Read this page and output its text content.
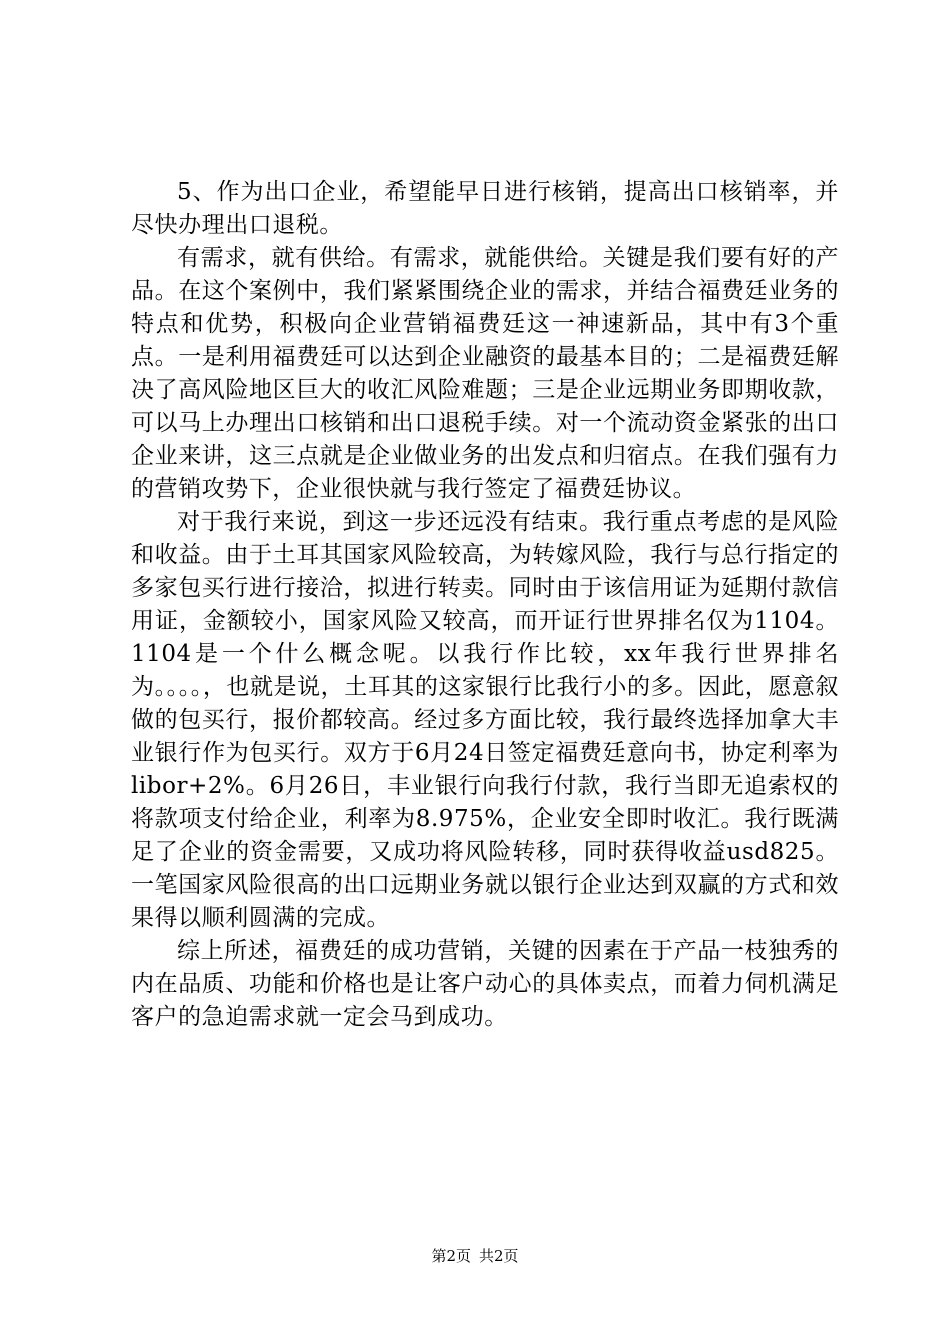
5、作为出口企业，希望能早日进行核销，提高出口核销率，并尽快办理出口退税。

有需求，就有供给。有需求，就能供给。关键是我们要有好的产品。在这个案例中，我们紧紧围绕企业的需求，并结合福费廷业务的特点和优势，积极向企业营销福费廷这一神速新品，其中有3个重点。一是利用福费廷可以达到企业融资的最基本目的；二是福费廷解决了高风险地区巨大的收汇风险难题；三是企业远期业务即期收款，可以马上办理出口核销和出口退税手续。对一个流动资金紧张的出口企业来讲，这三点就是企业做业务的出发点和归宿点。在我们强有力的营销攻势下，企业很快就与我行签定了福费廷协议。

对于我行来说，到这一步还远没有结束。我行重点考虑的是风险和收益。由于土耳其国家风险较高，为转嫁风险，我行与总行指定的多家包买行进行接洽，拟进行转卖。同时由于该信用证为延期付款信用证，金额较小，国家风险又较高，而开证行世界排名仅为1104。1104是一个什么概念呢。以我行作比较，xx年我行世界排名为。。。。，也就是说，土耳其的这家银行比我行小的多。因此，愿意叙做的包买行，报价都较高。经过多方面比较，我行最终选择加拿大丰业银行作为包买行。双方于6月24日签定福费廷意向书，协定利率为libor+2%。6月26日，丰业银行向我行付款，我行当即无追索权的将款项支付给企业，利率为8.975%，企业安全即时收汇。我行既满足了企业的资金需要，又成功将风险转移，同时获得收益usd825。一笔国家风险很高的出口远期业务就以银行企业达到双赢的方式和效果得以顺利圆满的完成。

综上所述，福费廷的成功营销，关键的因素在于产品一枝独秀的内在品质、功能和价格也是让客户动心的具体卖点，而着力伺机满足客户的急迫需求就一定会马到成功。

第2页 共2页
